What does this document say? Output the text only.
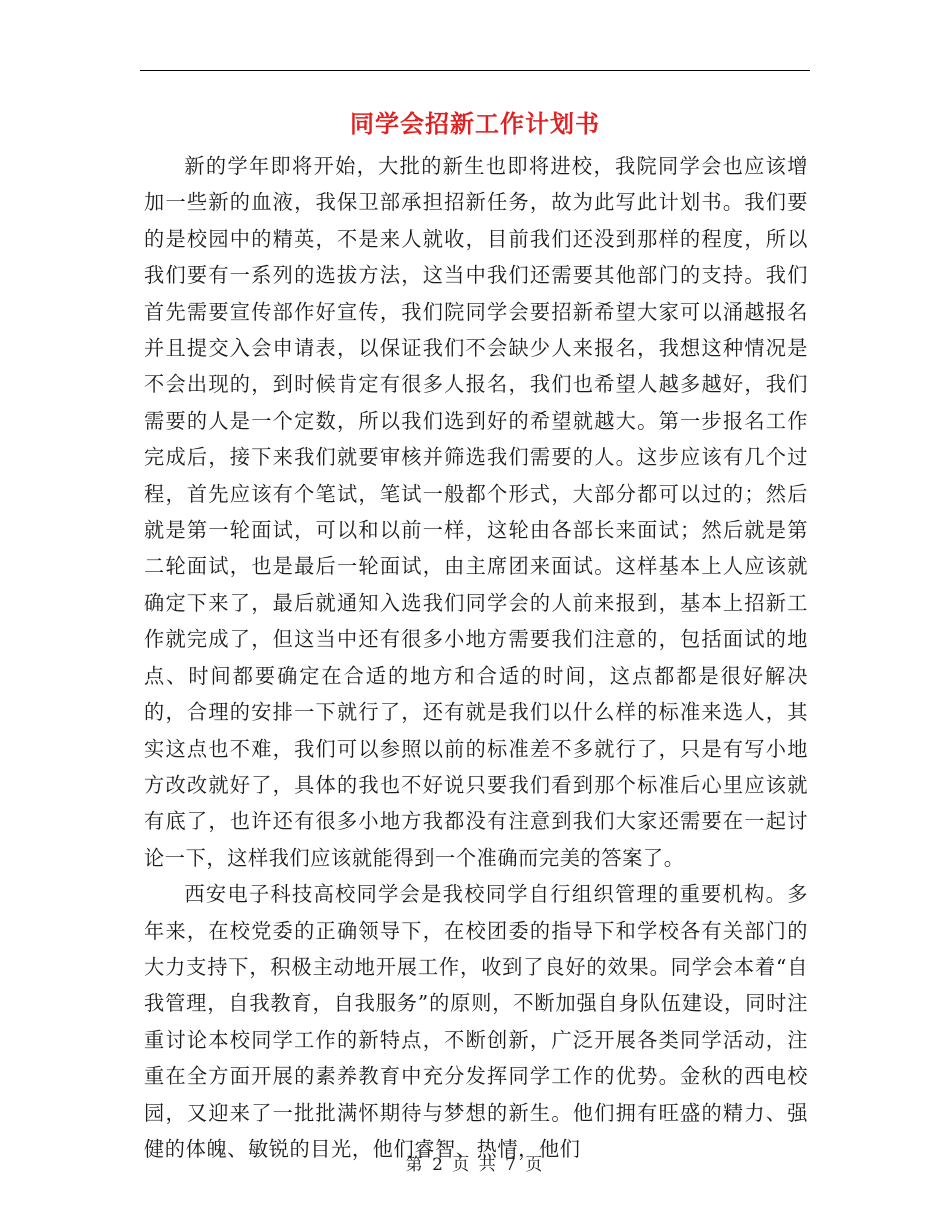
同学会招新工作计划书

新的学年即将开始，大批的新生也即将进校，我院同学会也应该增加一些新的血液，我保卫部承担招新任务，故为此写此计划书。我们要的是校园中的精英，不是来人就收，目前我们还没到那样的程度，所以我们要有一系列的选拔方法，这当中我们还需要其他部门的支持。我们首先需要宣传部作好宣传，我们院同学会要招新希望大家可以涌越报名并且提交入会申请表，以保证我们不会缺少人来报名，我想这种情况是不会出现的，到时候肯定有很多人报名，我们也希望人越多越好，我们需要的人是一个定数，所以我们选到好的希望就越大。第一步报名工作完成后，接下来我们就要审核并筛选我们需要的人。这步应该有几个过程，首先应该有个笔试，笔试一般都个形式，大部分都可以过的；然后就是第一轮面试，可以和以前一样，这轮由各部长来面试；然后就是第二轮面试，也是最后一轮面试，由主席团来面试。这样基本上人应该就确定下来了，最后就通知入选我们同学会的人前来报到，基本上招新工作就完成了，但这当中还有很多小地方需要我们注意的，包括面试的地点、时间都要确定在合适的地方和合适的时间，这点都都是很好解决的，合理的安排一下就行了，还有就是我们以什么样的标准来选人，其实这点也不难，我们可以参照以前的标准差不多就行了，只是有写小地方改改就好了，具体的我也不好说只要我们看到那个标准后心里应该就有底了，也许还有很多小地方我都没有注意到我们大家还需要在一起讨论一下，这样我们应该就能得到一个准确而完美的答案了。

西安电子科技高校同学会是我校同学自行组织管理的重要机构。多年来，在校党委的正确领导下，在校团委的指导下和学校各有关部门的大力支持下，积极主动地开展工作，收到了良好的效果。同学会本着“自我管理，自我教育，自我服务”的原则，不断加强自身队伍建设，同时注重讨论本校同学工作的新特点，不断创新，广泛开展各类同学活动，注重在全方面开展的素养教育中充分发挥同学工作的优势。金秋的西电校园，又迎来了一批批满怀期待与梦想的新生。他们拥有旺盛的精力、强健的体魄、敏锐的目光，他们睿智、热情，他们

第 2 页 共 7 页
